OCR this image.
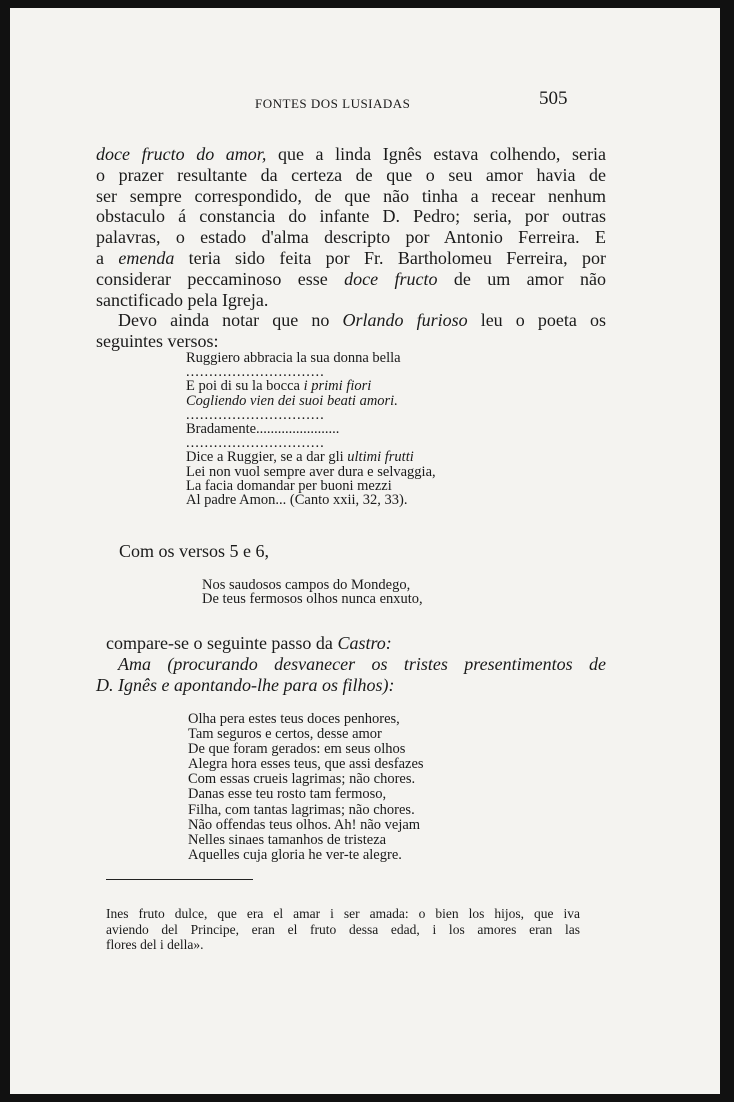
FONTES DOS LUSIADAS	505
doce fructo do amor, que a linda Ignês estava colhendo, seria
o prazer resultante da certeza de que o seu amor havia de
ser sempre correspondido, de que não tinha a recear nenhum
obstaculo á constancia do infante D. Pedro; seria, por outras
palavras, o estado d'alma descripto por Antonio Ferreira. E
a emenda teria sido feita por Fr. Bartholomeu Ferreira, por
considerar peccaminoso esse doce fructo de um amor não
sanctificado pela Igreja.
Devo ainda notar que no Orlando furioso leu o poeta os
seguintes versos:
Ruggiero abbracia la sua donna bella
..............................
E poi di su la bocca i primi fiori
Cogliendo vien dei suoi beati amori.
..............................
Bradamente.......................
..............................
Dice a Ruggier, se a dar gli ultimi frutti
Lei non vuol sempre aver dura e selvaggia,
La facia domandar per buoni mezzi
Al padre Amon... (Canto xxii, 32, 33).
Com os versos 5 e 6,
Nos saudosos campos do Mondego,
De teus fermosos olhos nunca enxuto,
compare-se o seguinte passo da Castro:
Ama (procurando desvanecer os tristes presentimentos de
D. Ignês e apontando-lhe para os filhos):
Olha pera estes teus doces penhores,
Tam seguros e certos, desse amor
De que foram gerados: em seus olhos
Alegra hora esses teus, que assi desfazes
Com essas crueis lagrimas; não chores.
Danas esse teu rosto tam fermoso,
Filha, com tantas lagrimas; não chores.
Não offendas teus olhos. Ah! não vejam
Nelles sinaes tamanhos de tristeza
Aquelles cuja gloria he ver-te alegre.
Ines fruto dulce, que era el amar i ser amada: o bien los hijos, que iva
aviendo del Principe, eran el fruto dessa edad, i los amores eran las
flores del i della».
